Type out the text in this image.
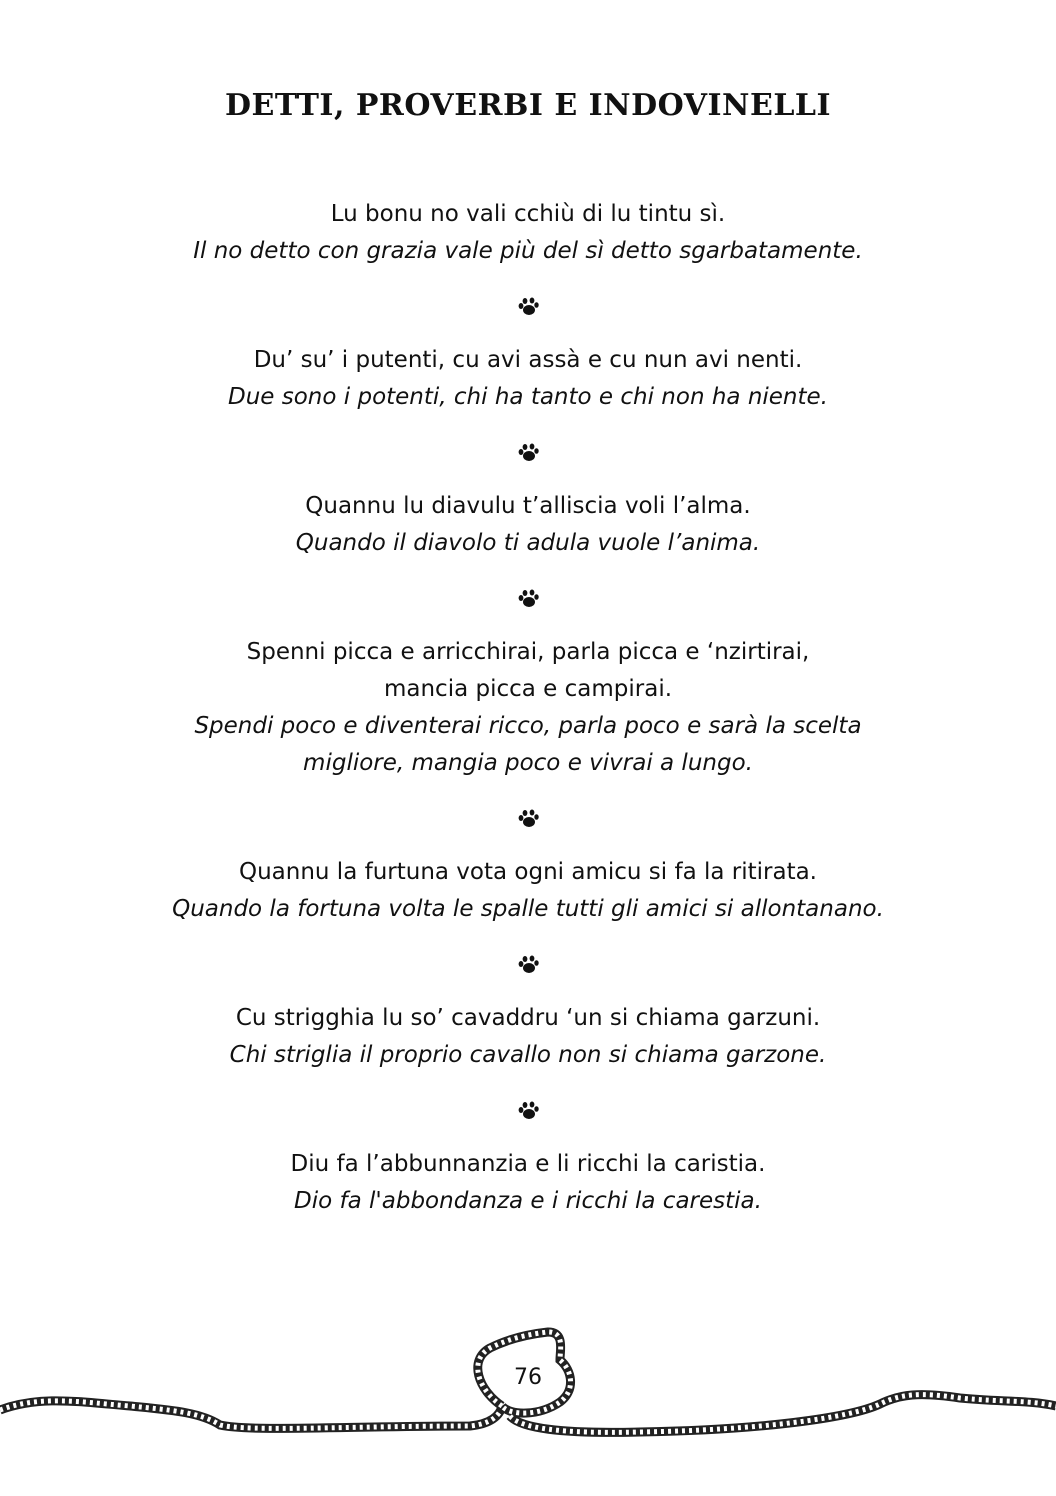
DETTI, PROVERBI E INDOVINELLI
Lu bonu no vali cchiù di lu tintu sì.
Il no detto con grazia vale più del sì detto sgarbatamente.
Du’ su’ i putenti, cu avi assà e cu nun avi nenti.
Due sono i potenti, chi ha tanto e chi non ha niente.
Quannu lu diavulu t’alliscia voli l’alma.
Quando il diavolo ti adula vuole l’anima.
Spenni picca e arricchirai, parla picca e ‘nzirtirai,
mancia picca e campirai.
Spendi poco e diventerai ricco, parla poco e sarà la scelta
migliore, mangia poco e vivrai a lungo.
Quannu la furtuna vota ogni amicu si fa la ritirata.
Quando la fortuna volta le spalle tutti gli amici si allontanano.
Cu strigghia lu so’ cavaddru ‘un si chiama garzuni.
Chi striglia il proprio cavallo non si chiama garzone.
Diu fa l’abbunnanzia e li ricchi la caristia.
Dio fa l'abbondanza e i ricchi la carestia.
76
